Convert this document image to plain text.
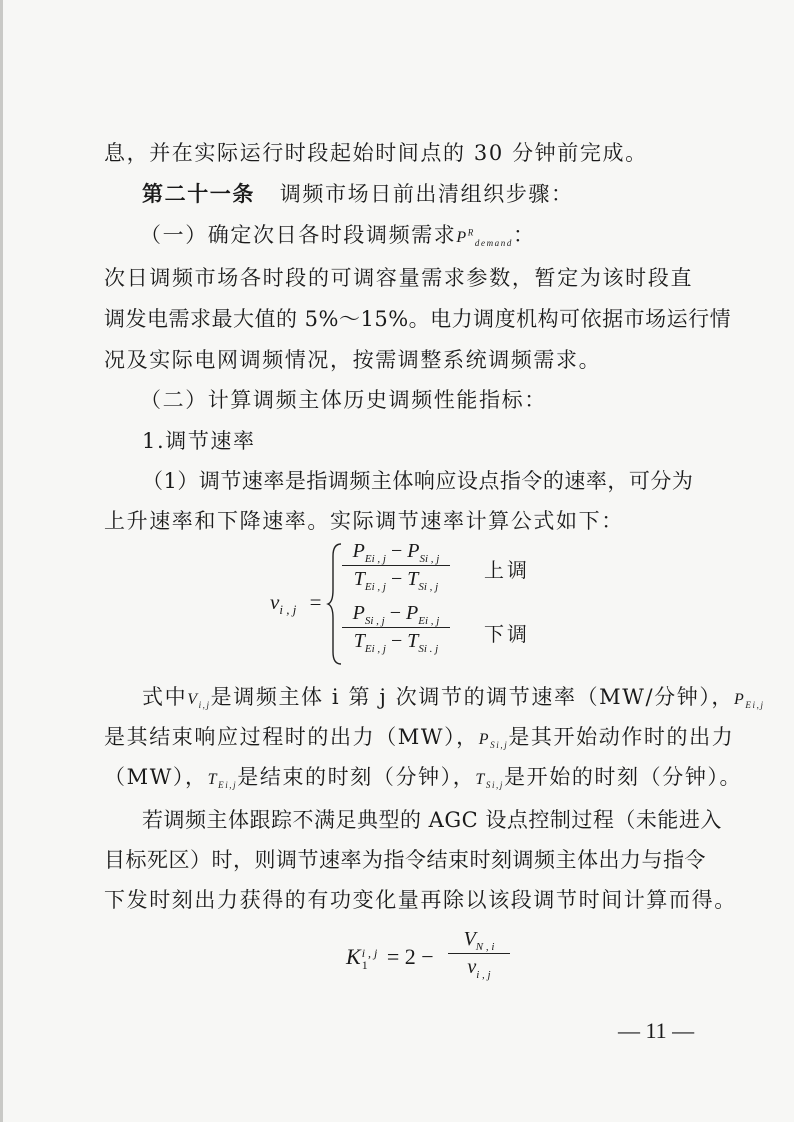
息，并在实际运行时段起始时间点的 30 分钟前完成。
第二十一条 调频市场日前出清组织步骤：
（一）确定次日各时段调频需求$P^R_{demand}$：
次日调频市场各时段的可调容量需求参数，暂定为该时段直
调发电需求最大值的 5%～15%。电力调度机构可依据市场运行情
况及实际电网调频情况，按需调整系统调频需求。
（二）计算调频主体历史调频性能指标：
1.调节速率
（1）调节速率是指调频主体响应设点指令的速率，可分为
上升速率和下降速率。实际调节速率计算公式如下：
$v_{i , j}$ =
$P_{Ei , j} - P_{Si , j}$
$T_{Ei , j} - T_{Si , j}$
$P_{Si , j} - P_{Ei , j}$
$T_{Ei , j} - T_{Si . j}$
上调
下调
式中$V_{i,j}$是调频主体 i 第 j 次调节的调节速率（MW/分钟），$P_{Ei,j}$
是其结束响应过程时的出力（MW），$P_{Si,j}$是其开始动作时的出力
（MW），$T_{Ei,j}$是结束的时刻（分钟），$T_{Si,j}$是开始的时刻（分钟）。
若调频主体跟踪不满足典型的 AGC 设点控制过程（未能进入
目标死区）时，则调节速率为指令结束时刻调频主体出力与指令
下发时刻出力获得的有功变化量再除以该段调节时间计算而得。
K i , j
1 = 2 −
$V_{N , i}$
$v_{i , j}$
— 11 —
